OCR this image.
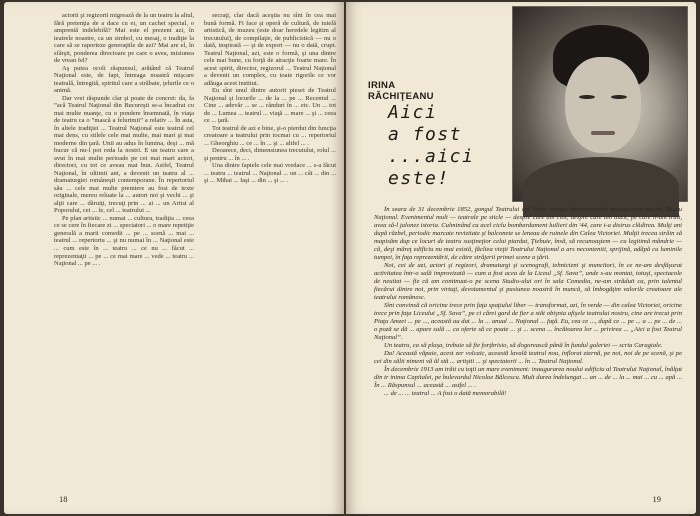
actorii şi regizorii migrează de la un teatru la altul, fără pretenţia de a dace cu ei, un cachet special, o amprentă indelebilă? Mai este el prezent azi, în teatrele noastre, ca un simbol, cu mesaj, o tradiţie la care să se raporteze generaţiile de azi? Mai are el, în sfârşit, ponderea directoare pe care o avea, misiunea de vrean fel?

Aş putea ocoli răspunsul, arătând că Teatrul Naţional este, de fapt, întreaga noastră mişcare teatrală, întregită, spiritul care a străbate, ţelurile ce o animă.

Dar vrei răspunde clar şi poate de concret: da, fa ”acă Teatrul Naţional din Bucureşti se-a încadrat cu mai multe nuanţe, cu o pondere însemnată, în viaţa de teatru ca o ”mască a felurimii” a relativ ... În asta, în altele tradiţiei ... Teatrul Naţional este teatrul cel mai dens, cu stilele cele mai multe, mai mari şi mai moderne din ţară. Unii au adus în lumina, deşi ... mă bucur că nu-l pot reda la nostri. E un teatru care a avut în mai multe perioade pe cei mai mari actori, directori, cu tot ce aveau mai bun. Astfel, Teatrul Naţional, în ultimii ani, a devenit un teatru al ... dramaturgiei româneşti contemporane. În repertoriul său ... cele mai multe premiere au fost de texte originale, mereu reluate la ... autori noi şi vechi ... şi alţii care ... dăruiţi, trecuţi prin ... ai ... un Artist al Poporului, cei ... le, cel ... teatrului ...

Pe plan artistic ... numai ... cultura, tradiţia ... ceea ce se cere în fiecare zi ... spectatori ... o mare repetiţie generală a marii comedii ... pe ... scenă ... mai ... teatrul ... repertoriu ... şi nu numai în ... Naţional este ... cum este în ... teatru ... ce nu ... făcut ... reprezentaţii ... pe ... ce mai mare ... vede ... teatru ... Naţional ... pe ... .

secraţi, cîar dacă aceştia nu sînt în cea mai bună formă. Fi face şi operă de cultură, de tutelă artistică, de muzeu (este doar heredele legitim al trecutului), de compilaţie, de publicistică — nu o dată, inspirată — şi de export — nu o dată, crupt. Teatrul Naţional, azi, este o formă, şi una dintre cele mai bune, cu forţă de atracţie foarte mare. În acest spirit, director, regizorul ... Teatrul Naţional a devenit un complex, cu toate rigorile ce vor adăuga acest institut.

Eu sînt unul dintre autorii piesei de Teatrul Naţional şi locurile ... de la ... pe ... Recentul ... Cine ... adevăr ... se ... rânduri în ... etc. Un ... tot de ... Lumea ... teatrul ... viaţă ... mare ... şi ... ceea ce ... ţară.

Tot teatrul de azi e bine, şi-o pierdut din funcţia creatoare a teatrului prin tocmai cu ... repertoriul ... Gheorghiu ... ce ... în ... şi ... altfel ... .

Deoarece, deci, dimensiunea trecutului, rolul ... şi pentru ... în ... .

Una dintre faptele cele mai vredace ... s-a făcut ... teatru ... teatrul ... Naţional ... un ... cât ... din ... şi ... Mihai ... Iaşi ... din ... şi ... .

18
IRINA
RĂCHIŢEANU
Aici
a fost
...aici
este!

În seara de 31 decembrie 1852, gongul Teatrului cel Mare anunţa bucureştenilor inaugurarea noului Teatru Naţional. Evenimentul mult — teatrale pe sticle — despre care am citit, despre care am auzit, pe care îl-am trăit, avea să-l jalonez istoria. Culminând cu acel ciclu bombardament luiliert din '44, care i-a distrus clădirea. Mulţi ani după răzbel, periodic marcate revizitate şi balconete se leneau de ruinele din Calea Victoriei. Mulţii trecea străin să mapisăm dup ce locuri de teatru susţineţior celui piardut, Ţiebuie, însă, să recunoaştem — cu legitimă mândrie — că, deşi măreţ edificiu nu mai există, făcliea vieţii Teatrului Naţional a ars neconteniti, sprijină, adăpă cu luminile tumpei, în faţa reprezentării, de către străjerii primei scene a ţării.

Noi, cei de azi, actori şi regizori, dramaturgi şi scenografi, tehnicieni şi muncitori, în ce ne-am desfăşurat activitatea într-o sală improvizată — cum a fost acea de la Liceul „Sf. Sava”, unde s-au montat, totuşi, spectacole de neuitat — fie că am continuat-o pe scena Studio-ului ori în sala Comedia, ne-am străduit ca, prin talentul fiecărui dintre noi, prin virtuţi, devotamentul şi pasiunea noastră în muncă, să îmbogăţim valorile creatoare ale teatrului românesc.

Sînt convinsă că oricine trece prin faţa spaţiului liber — transformat, azi, în verde — din calea Victoriei, oricine trece prin faţa Liceului „Sf. Sava”, pe ci cărei gard de fier a stăt obişnia afişele teatrului nostru, cine are trecut prin Piaţa Amzei ... pe ..., această au dat ... la ... anual ... Naţional ... faţă. Eu, cea ce ..., după ce ... pe ... a ... pe ... de ... o poză se dă ... apare sală ... ca oferte să ce poate ... şi ... scena ... încătoarea lor ... privirea ... „Aici a fost Teatrul Naţional”.

Un teatru, ca să plaşa, trebuie să fie forţbrisio, să dogorească până în fundul galeriei — scria Caragiale.

Da! Această văpaie, acest zer volcaic, această lavală teatrul nou, inflorat eternă, pe noi, noi de pe scenă, şi pe cei din sălii nimeni vă ăl stă ... artiştii ... şi spectatorii ... în ... Teatrul Naţional.

În decembrie 1913 am trăit cu toţii un mare eveniment: inaugurarea noului edificiu al Teatrului Naţional, înălţat din tr inima Capitalei, pe bulevardul Nicolae Bălcescu. Mult durea îndelungat ... an ... de ... la ... mai ... cu ... apă ... În ... Răspunsul ... această ... astfel ... .

... de ... ... teatrul ... A fost o dată memorabilă!

19
